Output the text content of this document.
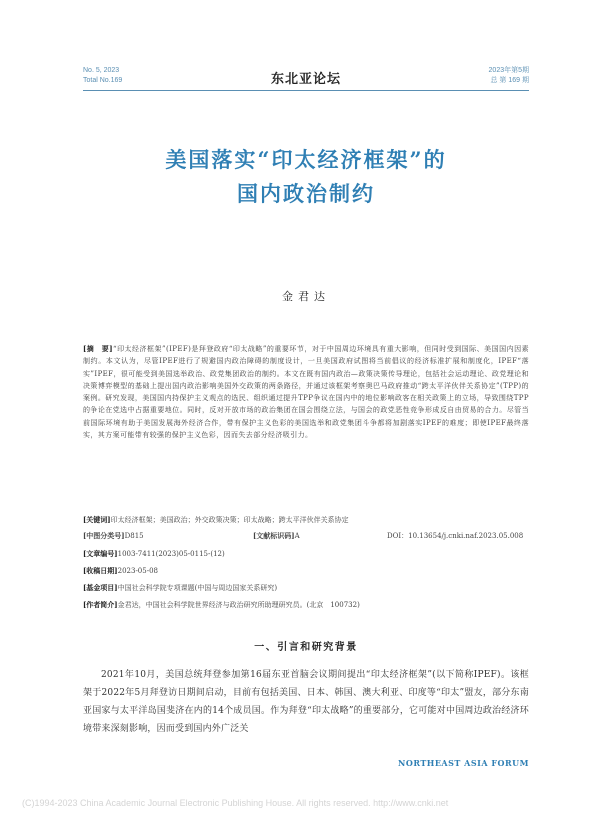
No. 5, 2023
Total No.169	东北亚论坛
2023年第5期
总 第 169 期
美国落实“印太经济框架”的
国内政治制约
金君达
[摘　要]“印太经济框架”(IPEF)是拜登政府“印太战略”的重要环节，对于中国周边环境具有重大影响，但同时受到国际、美国国内因素制约。本文认为，尽管IPEF进行了规避国内政治障碍的制度设计，一旦美国政府试图将当前倡议的经济标准扩展和制度化，IPEF“落实”IPEF，很可能受到美国选举政治、政党集团政治的制约。本文在既有国内政治—政策决策传导理论，包括社会运动理论、政党理论和决策博弈模型的基础上提出国内政治影响美国外交政策的两条路径，并通过该框架考察奥巴马政府推动“跨太平洋伙伴关系协定”(TPP)的案例。研究发现，美国国内持保护主义观点的选民、组织通过提升TPP争议在国内中的地位影响政客在相关政策上的立场，导致围绕TPP的争论在党选中占据重要地位。同时，反对开放市场的政治集团在国会围绕立法，与国会的政党恶性竞争形成反自由贸易的合力。尽管当前国际环境有助于美国发展海外经济合作，带有保护主义色彩的美国选举和政党集团斗争都将加剧落实IPEF的难度；即使IPEF最终落实，其方案可能带有较强的保护主义色彩，因而失去部分经济吸引力。
[关键词]印太经济框架；美国政治；外交政策决策；印太战略；跨太平洋伙伴关系协定
[中图分类号]D815	[文献标识码]A	DOI：10.13654/j.cnki.naf.2023.05.008
[文章编号]1003-7411(2023)05-0115-(12)
[收稿日期]2023-05-08
[基金项目]中国社会科学院专项课题(中国与周边国家关系研究)
[作者简介]金君达，中国社会科学院世界经济与政治研究所助理研究员。(北京　100732)
一、引言和研究背景
2021年10月，美国总统拜登参加第16届东亚首脑会议期间提出“印太经济框架”(以下简称IPEF)。该框架于2022年5月拜登访日期间启动，目前有包括美国、日本、韩国、澳大利亚、印度等“印太”盟友，部分东南亚国家与太平洋岛国斐济在内的14个成员国。作为拜登“印太战略”的重要部分，它可能对中国周边政治经济环境带来深刻影响，因而受到国内外广泛关
NORTHEAST ASIA FORUM
(C)1994-2023 China Academic Journal Electronic Publishing House. All rights reserved. http://www.cnki.net
